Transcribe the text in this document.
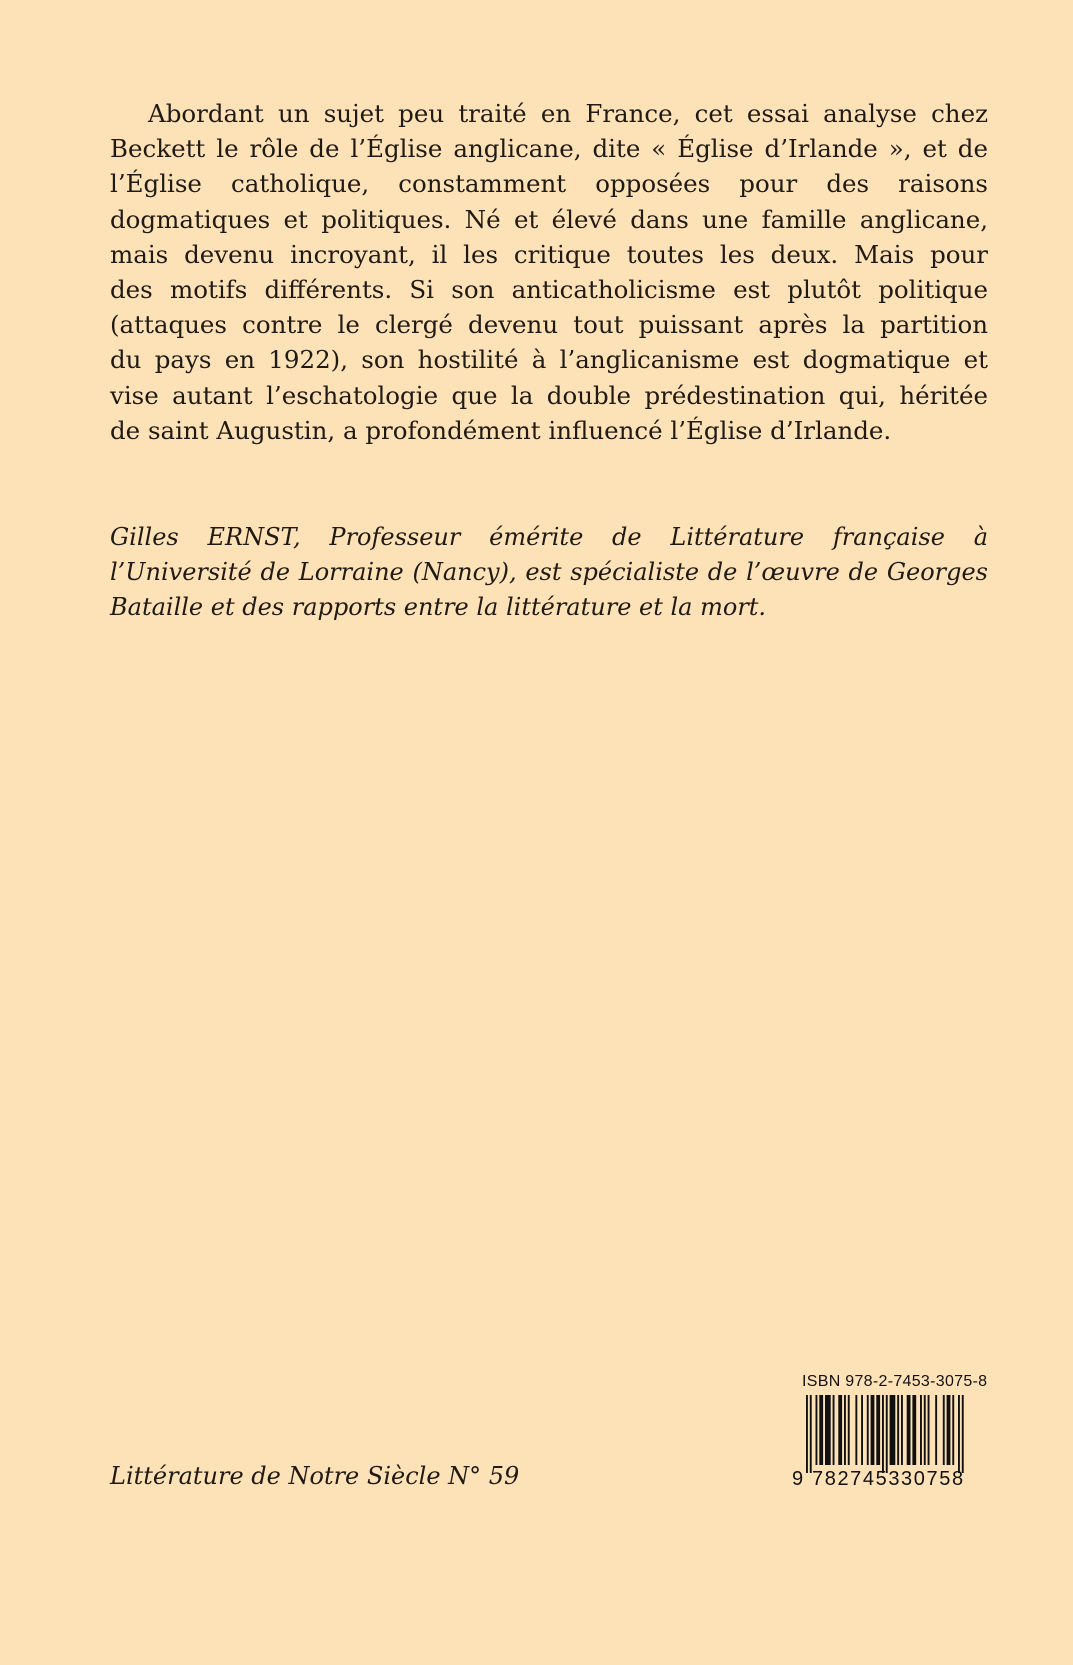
Abordant un sujet peu traité en France, cet essai analyse chez
Beckett le rôle de l’Église anglicane, dite « Église d’Irlande », et de
l’Église catholique, constamment opposées pour des raisons
dogmatiques et politiques. Né et élevé dans une famille anglicane,
mais devenu incroyant, il les critique toutes les deux. Mais pour
des motifs différents. Si son anticatholicisme est plutôt politique
(attaques contre le clergé devenu tout puissant après la partition
du pays en 1922), son hostilité à l’anglicanisme est dogmatique et
vise autant l’eschatologie que la double prédestination qui, héritée
de saint Augustin, a profondément influencé l’Église d’Irlande.
Gilles ERNST, Professeur émérite de Littérature française à
l’Université de Lorraine (Nancy), est spécialiste de l’œuvre de Georges
Bataille et des rapports entre la littérature et la mort.
Littérature de Notre Siècle N° 59
ISBN 978-2-7453-3075-8
9 782745330758
